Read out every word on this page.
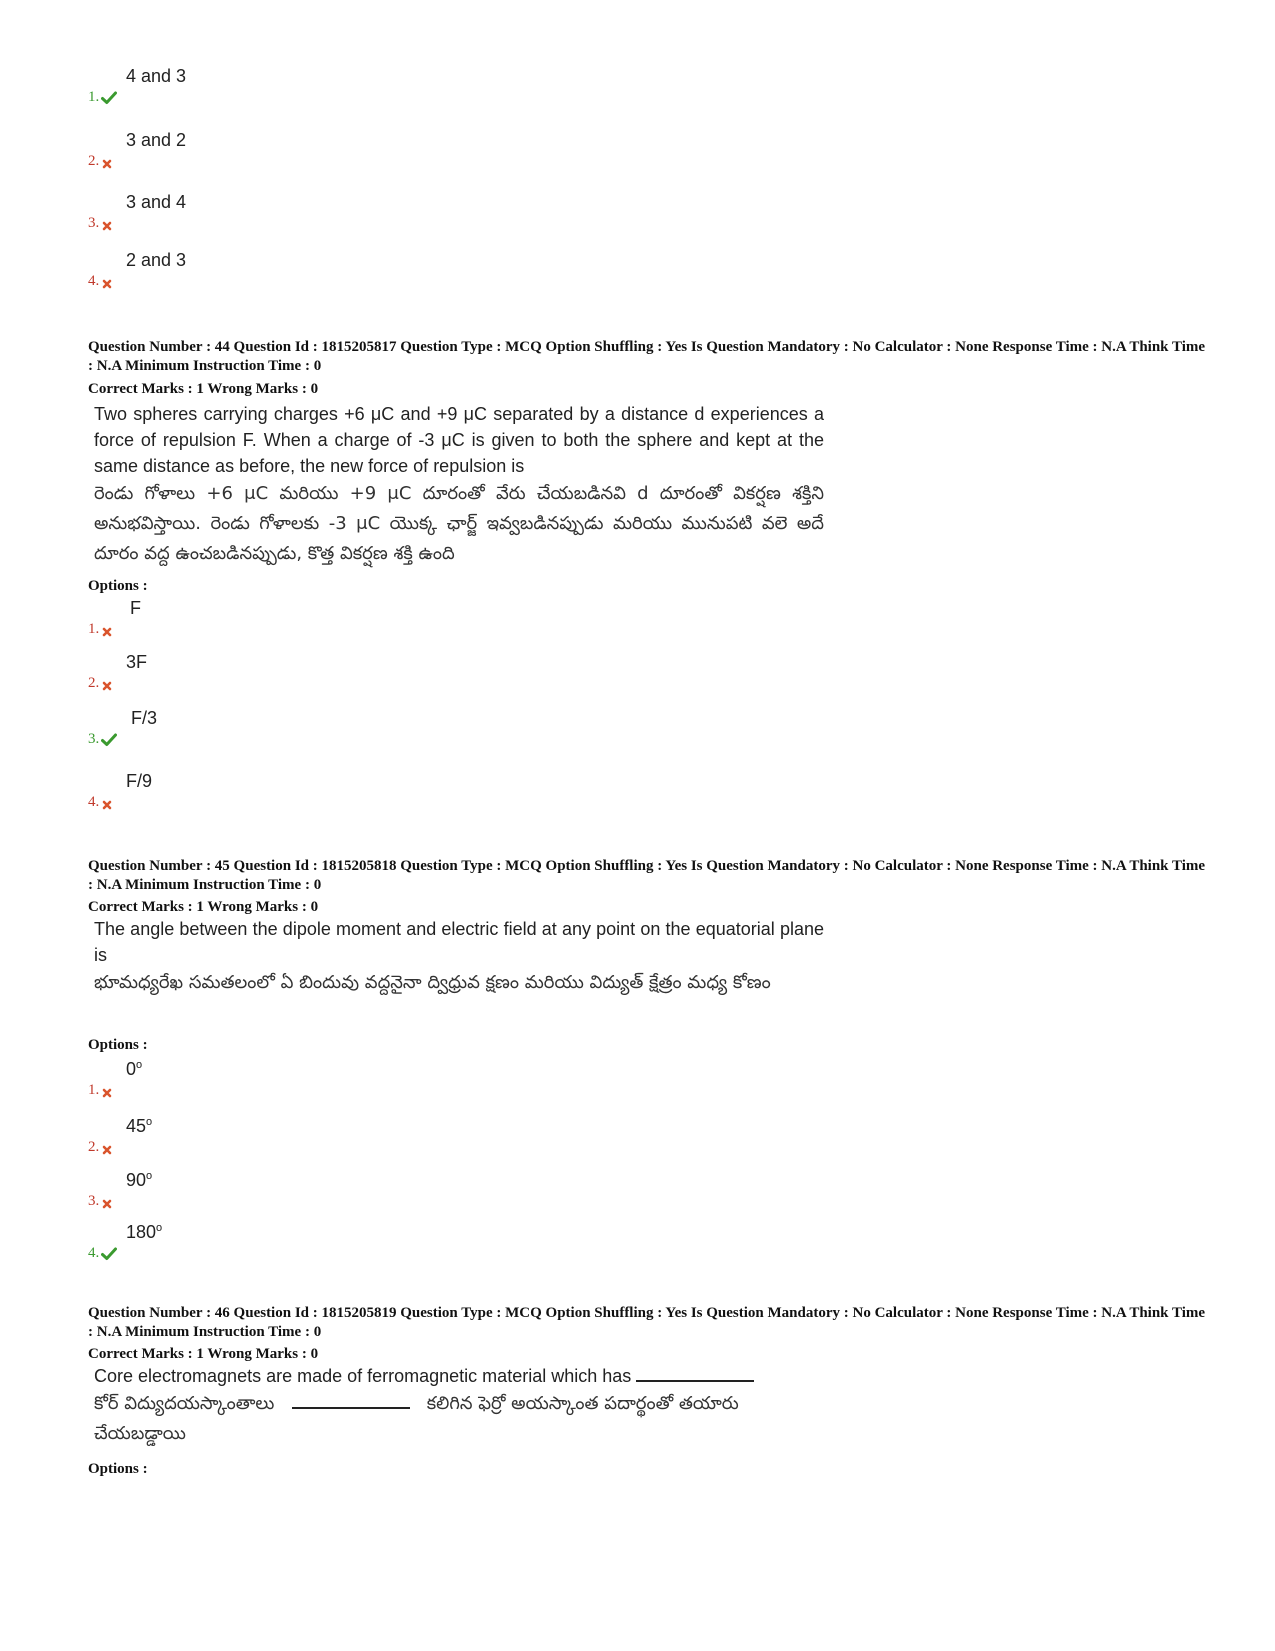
1.
4 and 3
2.
3 and 2
3.
3 and 4
4.
2 and 3
Question Number : 44 Question Id : 1815205817 Question Type : MCQ Option Shuffling : Yes Is Question Mandatory : No Calculator : None Response Time : N.A Think Time : N.A Minimum Instruction Time : 0
Correct Marks : 1 Wrong Marks : 0
Two spheres carrying charges +6 μC and +9 μC separated by a distance d experiences a force of repulsion F. When a charge of -3 μC is given to both the sphere and kept at the same distance as before, the new force of repulsion is
రెండు గోళాలు +6 μC మరియు +9 μC దూరంతో వేరు చేయబడినవి d దూరంతో వికర్షణ శక్తిని అనుభవిస్తాయి. రెండు గోళాలకు -3 μC యొక్క ఛార్జ్ ఇవ్వబడినప్పుడు మరియు మునుపటి వలె అదే దూరం వద్ద ఉంచబడినప్పుడు, కొత్త వికర్షణ శక్తి ఉంది
Options :
1.
F
2.
3F
3.
F/3
4.
F/9
Question Number : 45 Question Id : 1815205818 Question Type : MCQ Option Shuffling : Yes Is Question Mandatory : No Calculator : None Response Time : N.A Think Time : N.A Minimum Instruction Time : 0
Correct Marks : 1 Wrong Marks : 0
The angle between the dipole moment and electric field at any point on the equatorial plane is
భూమధ్యరేఖ సమతలంలో ఏ బిందువు వద్దనైనా ద్విధ్రువ క్షణం మరియు విద్యుత్ క్షేత్రం మధ్య కోణం
Options :
1.
0$^o$
2.
45$^o$
3.
90$^o$
4.
180$^o$
Question Number : 46 Question Id : 1815205819 Question Type : MCQ Option Shuffling : Yes Is Question Mandatory : No Calculator : None Response Time : N.A Think Time : N.A Minimum Instruction Time : 0
Correct Marks : 1 Wrong Marks : 0
Core electromagnets are made of ferromagnetic material which has
కోర్ విద్యుదయస్కాంతాలు	కలిగిన ఫెర్రో అయస్కాంత పదార్థంతో తయారు చేయబడ్డాయి
Options :
